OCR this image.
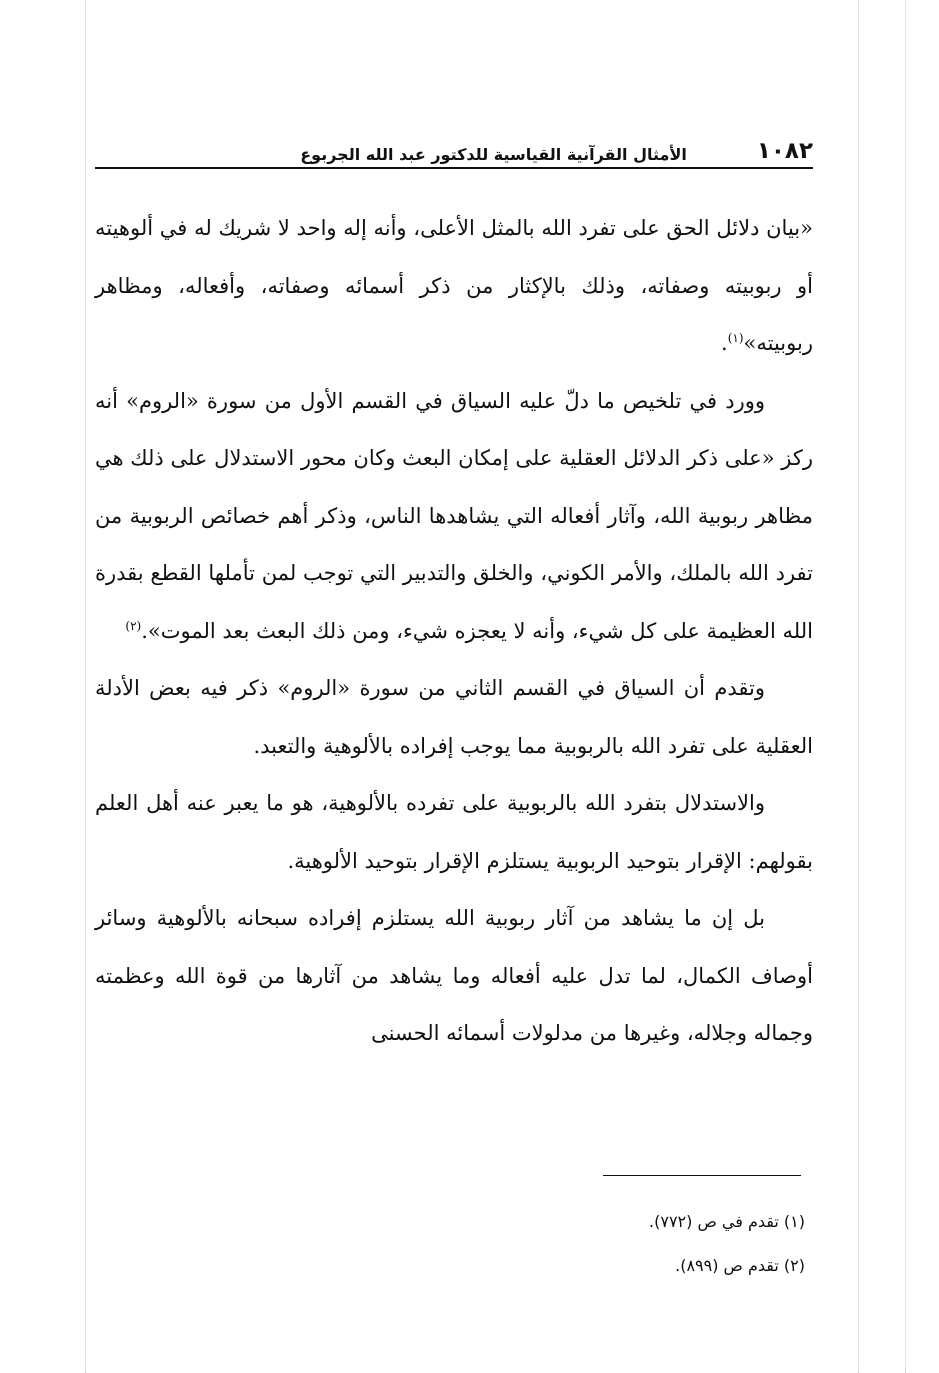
١٠٨٢
الأمثال القرآنية القياسية للدكتور عبد الله الجربوع

«بيان دلائل الحق على تفرد الله بالمثل الأعلى، وأنه إله واحد لا شريك له في ألوهيته أو ربوبيته وصفاته، وذلك بالإكثار من ذكر أسمائه وصفاته، وأفعاله، ومظاهر ربوبيته»$^{(١)}$.

وورد في تلخيص ما دلّ عليه السياق في القسم الأول من سورة «الروم» أنه ركز «على ذكر الدلائل العقلية على إمكان البعث وكان محور الاستدلال على ذلك هي مظاهر ربوبية الله، وآثار أفعاله التي يشاهدها الناس، وذكر أهم خصائص الربوبية من تفرد الله بالملك، والأمر الكوني، والخلق والتدبير التي توجب لمن تأملها القطع بقدرة الله العظيمة على كل شيء، وأنه لا يعجزه شيء، ومن ذلك البعث بعد الموت».$^{(٢)}$

وتقدم أن السياق في القسم الثاني من سورة «الروم» ذكر فيه بعض الأدلة العقلية على تفرد الله بالربوبية مما يوجب إفراده بالألوهية والتعبد.

والاستدلال بتفرد الله بالربوبية على تفرده بالألوهية، هو ما يعبر عنه أهل العلم بقولهم: الإقرار بتوحيد الربوبية يستلزم الإقرار بتوحيد الألوهية.

بل إن ما يشاهد من آثار ربوبية الله يستلزم إفراده سبحانه بالألوهية وسائر أوصاف الكمال، لما تدل عليه أفعاله وما يشاهد من آثارها من قوة الله وعظمته وجماله وجلاله، وغيرها من مدلولات أسمائه الحسنى

(١) تقدم في ص (٧٧٢).
(٢) تقدم ص (٨٩٩).
